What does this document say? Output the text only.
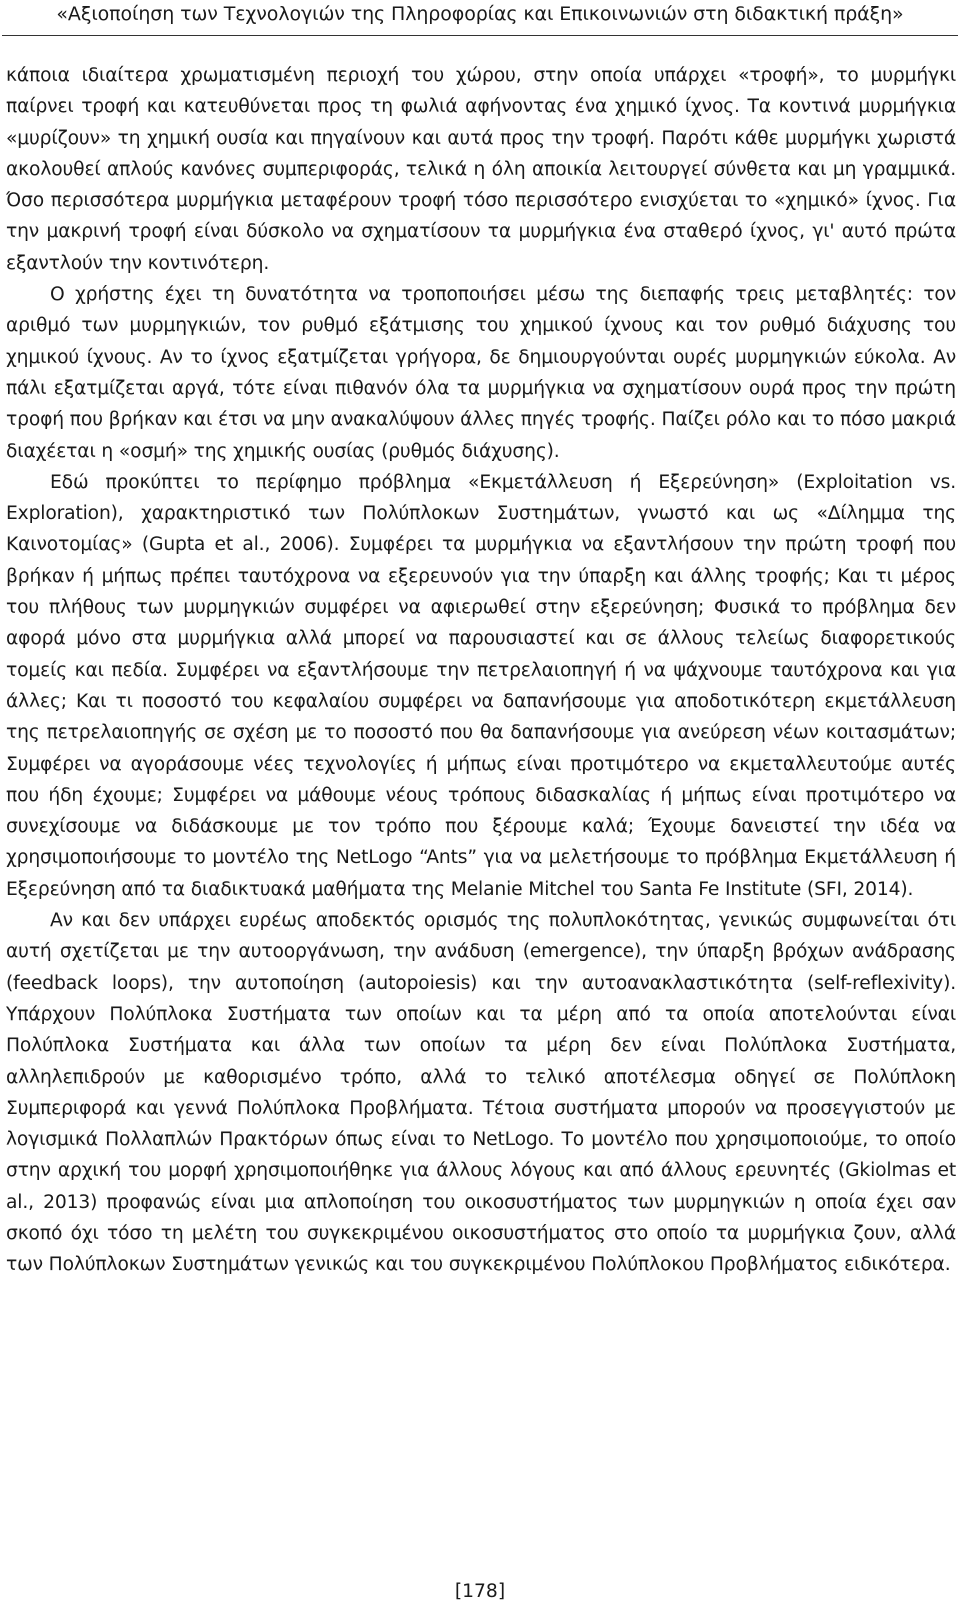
«Αξιοποίηση των Τεχνολογιών της Πληροφορίας και Επικοινωνιών στη διδακτική πράξη»

κάποια ιδιαίτερα χρωματισμένη περιοχή του χώρου, στην οποία υπάρχει «τροφή», το μυρμήγκι παίρνει τροφή και κατευθύνεται προς τη φωλιά αφήνοντας ένα χημικό ίχνος. Τα κοντινά μυρμήγκια «μυρίζουν» τη χημική ουσία και πηγαίνουν και αυτά προς την τροφή. Παρότι κάθε μυρμήγκι χωριστά ακολουθεί απλούς κανόνες συμπεριφοράς, τελικά η όλη αποικία λειτουργεί σύνθετα και μη γραμμικά. Όσο περισσότερα μυρμήγκια μεταφέρουν τροφή τόσο περισσότερο ενισχύεται το «χημικό» ίχνος. Για την μακρινή τροφή είναι δύσκολο να σχηματίσουν τα μυρμήγκια ένα σταθερό ίχνος, γι' αυτό πρώτα εξαντλούν την κοντινότερη.

Ο χρήστης έχει τη δυνατότητα να τροποποιήσει μέσω της διεπαφής τρεις μεταβλητές: τον αριθμό των μυρμηγκιών, τον ρυθμό εξάτμισης του χημικού ίχνους και τον ρυθμό διάχυσης του χημικού ίχνους. Αν το ίχνος εξατμίζεται γρήγορα, δε δημιουργούνται ουρές μυρμηγκιών εύκολα. Αν πάλι εξατμίζεται αργά, τότε είναι πιθανόν όλα τα μυρμήγκια να σχηματίσουν ουρά προς την πρώτη τροφή που βρήκαν και έτσι να μην ανακαλύψουν άλλες πηγές τροφής. Παίζει ρόλο και το πόσο μακριά διαχέεται η «οσμή» της χημικής ουσίας (ρυθμός διάχυσης).

Εδώ προκύπτει το περίφημο πρόβλημα «Εκμετάλλευση ή Εξερεύνηση» (Exploitation vs. Exploration), χαρακτηριστικό των Πολύπλοκων Συστημάτων, γνωστό και ως «Δίλημμα της Καινοτομίας» (Gupta et al., 2006). Συμφέρει τα μυρμήγκια να εξαντλήσουν την πρώτη τροφή που βρήκαν ή μήπως πρέπει ταυτόχρονα να εξερευνούν για την ύπαρξη και άλλης τροφής; Και τι μέρος του πλήθους των μυρμηγκιών συμφέρει να αφιερωθεί στην εξερεύνηση; Φυσικά το πρόβλημα δεν αφορά μόνο στα μυρμήγκια αλλά μπορεί να παρουσιαστεί και σε άλλους τελείως διαφορετικούς τομείς και πεδία. Συμφέρει να εξαντλήσουμε την πετρελαιοπηγή ή να ψάχνουμε ταυτόχρονα και για άλλες; Και τι ποσοστό του κεφαλαίου συμφέρει να δαπανήσουμε για αποδοτικότερη εκμετάλλευση της πετρελαιοπηγής σε σχέση με το ποσοστό που θα δαπανήσουμε για ανεύρεση νέων κοιτασμάτων; Συμφέρει να αγοράσουμε νέες τεχνολογίες ή μήπως είναι προτιμότερο να εκμεταλλευτούμε αυτές που ήδη έχουμε; Συμφέρει να μάθουμε νέους τρόπους διδασκαλίας ή μήπως είναι προτιμότερο να συνεχίσουμε να διδάσκουμε με τον τρόπο που ξέρουμε καλά; Έχουμε δανειστεί την ιδέα να χρησιμοποιήσουμε το μοντέλο της NetLogo “Ants” για να μελετήσουμε το πρόβλημα Εκμετάλλευση ή Εξερεύνηση από τα διαδικτυακά μαθήματα της Melanie Mitchel του Santa Fe Institute (SFI, 2014).

Αν και δεν υπάρχει ευρέως αποδεκτός ορισμός της πολυπλοκότητας, γενικώς συμφωνείται ότι αυτή σχετίζεται με την αυτοοργάνωση, την ανάδυση (emergence), την ύπαρξη βρόχων ανάδρασης (feedback loops), την αυτοποίηση (autopoiesis) και την αυτοανακλαστικότητα (self-reflexivity). Υπάρχουν Πολύπλοκα Συστήματα των οποίων και τα μέρη από τα οποία αποτελούνται είναι Πολύπλοκα Συστήματα και άλλα των οποίων τα μέρη δεν είναι Πολύπλοκα Συστήματα, αλληλεπιδρούν με καθορισμένο τρόπο, αλλά το τελικό αποτέλεσμα οδηγεί σε Πολύπλοκη Συμπεριφορά και γεννά Πολύπλοκα Προβλήματα. Τέτοια συστήματα μπορούν να προσεγγιστούν με λογισμικά Πολλαπλών Πρακτόρων όπως είναι το NetLogo. Το μοντέλο που χρησιμοποιούμε, το οποίο στην αρχική του μορφή χρησιμοποιήθηκε για άλλους λόγους και από άλλους ερευνητές (Gkiolmas et al., 2013) προφανώς είναι μια απλοποίηση του οικοσυστήματος των μυρμηγκιών η οποία έχει σαν σκοπό όχι τόσο τη μελέτη του συγκεκριμένου οικοσυστήματος στο οποίο τα μυρμήγκια ζουν, αλλά των Πολύπλοκων Συστημάτων γενικώς και του συγκεκριμένου Πολύπλοκου Προβλήματος ειδικότερα.

[178]
